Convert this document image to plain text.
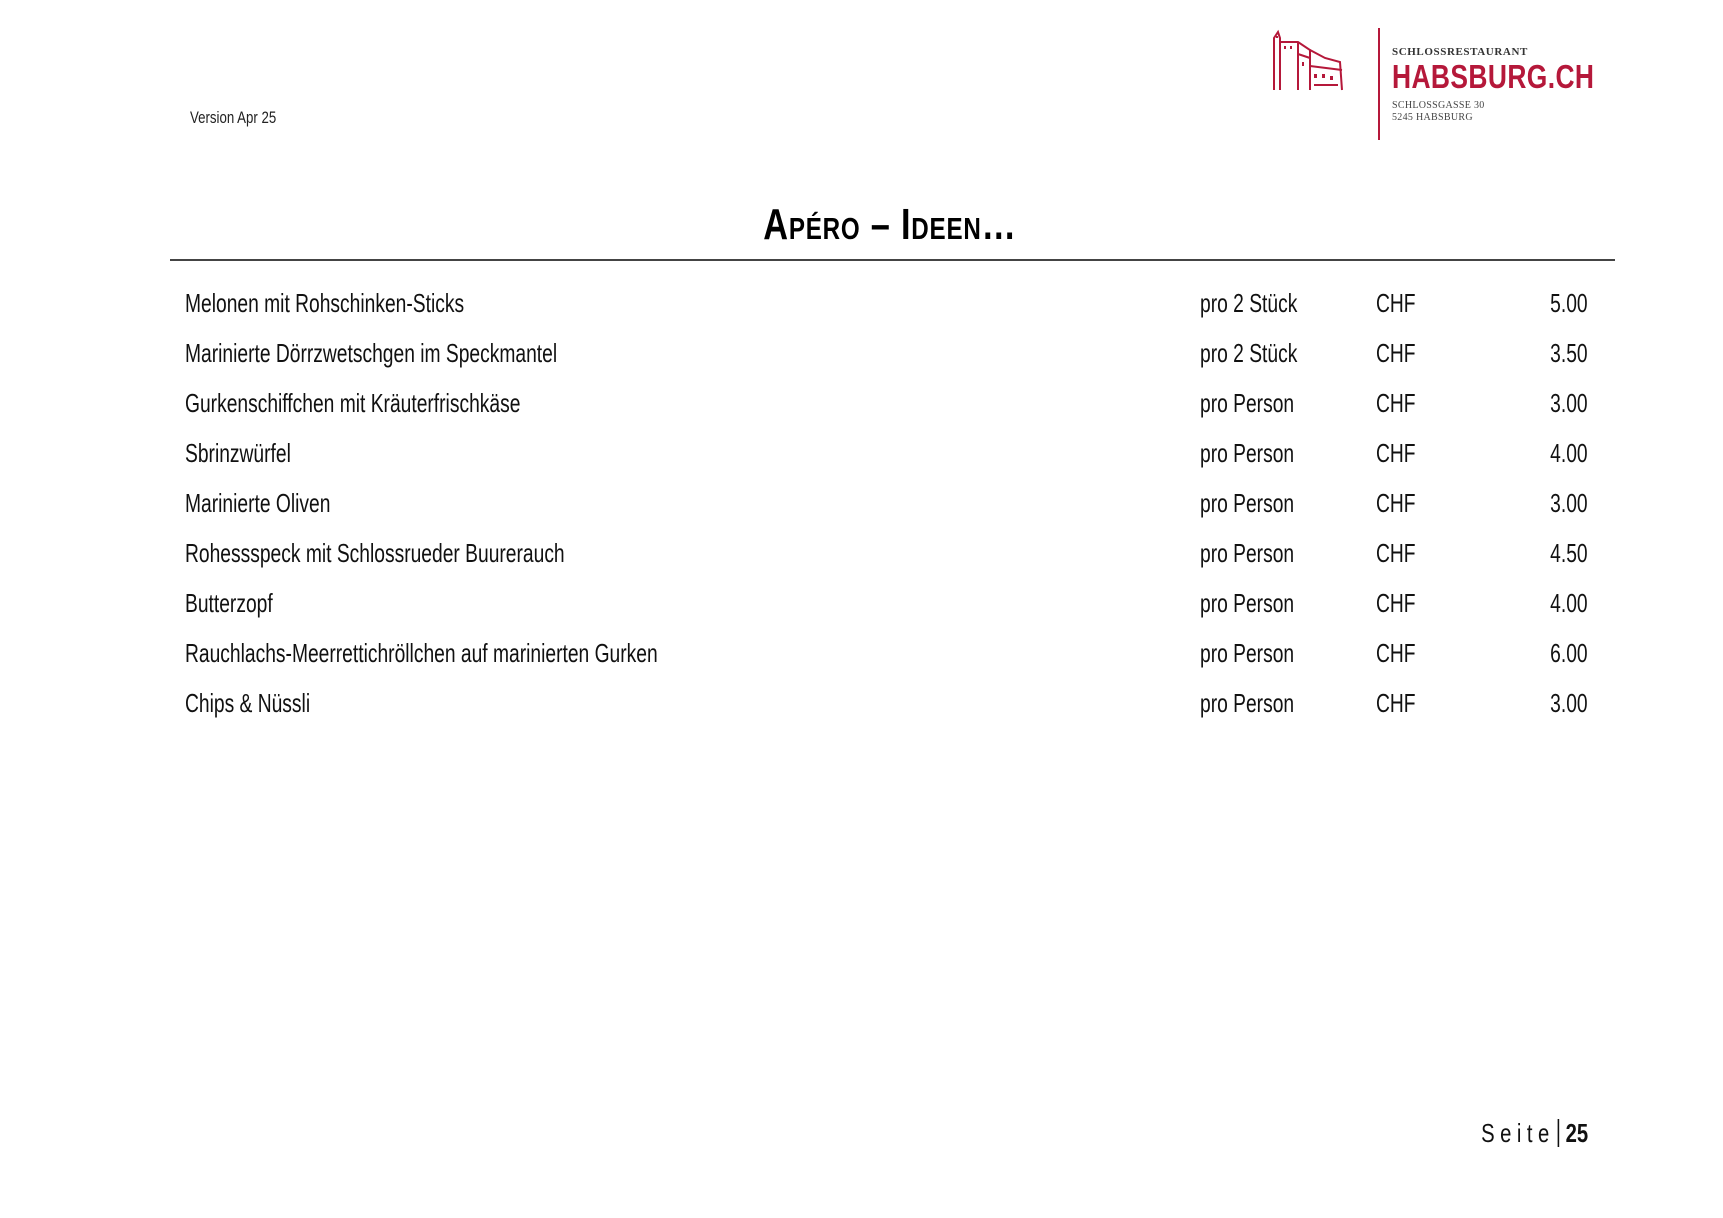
Version Apr 25
SCHLOSSRESTAURANT
HABSBURG.CH
SCHLOSSGASSE 30
5245 HABSBURG
Apéro – Ideen…
Melonen mit Rohschinken-Sticks	pro 2 Stück	CHF	5.00
Marinierte Dörrzwetschgen im Speckmantel	pro 2 Stück	CHF	3.50
Gurkenschiffchen mit Kräuterfrischkäse	pro Person	CHF	3.00
Sbrinzwürfel	pro Person	CHF	4.00
Marinierte Oliven	pro Person	CHF	3.00
Rohessspeck mit Schlossrueder Buurerauch	pro Person	CHF	4.50
Butterzopf	pro Person	CHF	4.00
Rauchlachs-Meerrettichröllchen auf marinierten Gurken	pro Person	CHF	6.00
Chips & Nüssli	pro Person	CHF	3.00
Seite 25
